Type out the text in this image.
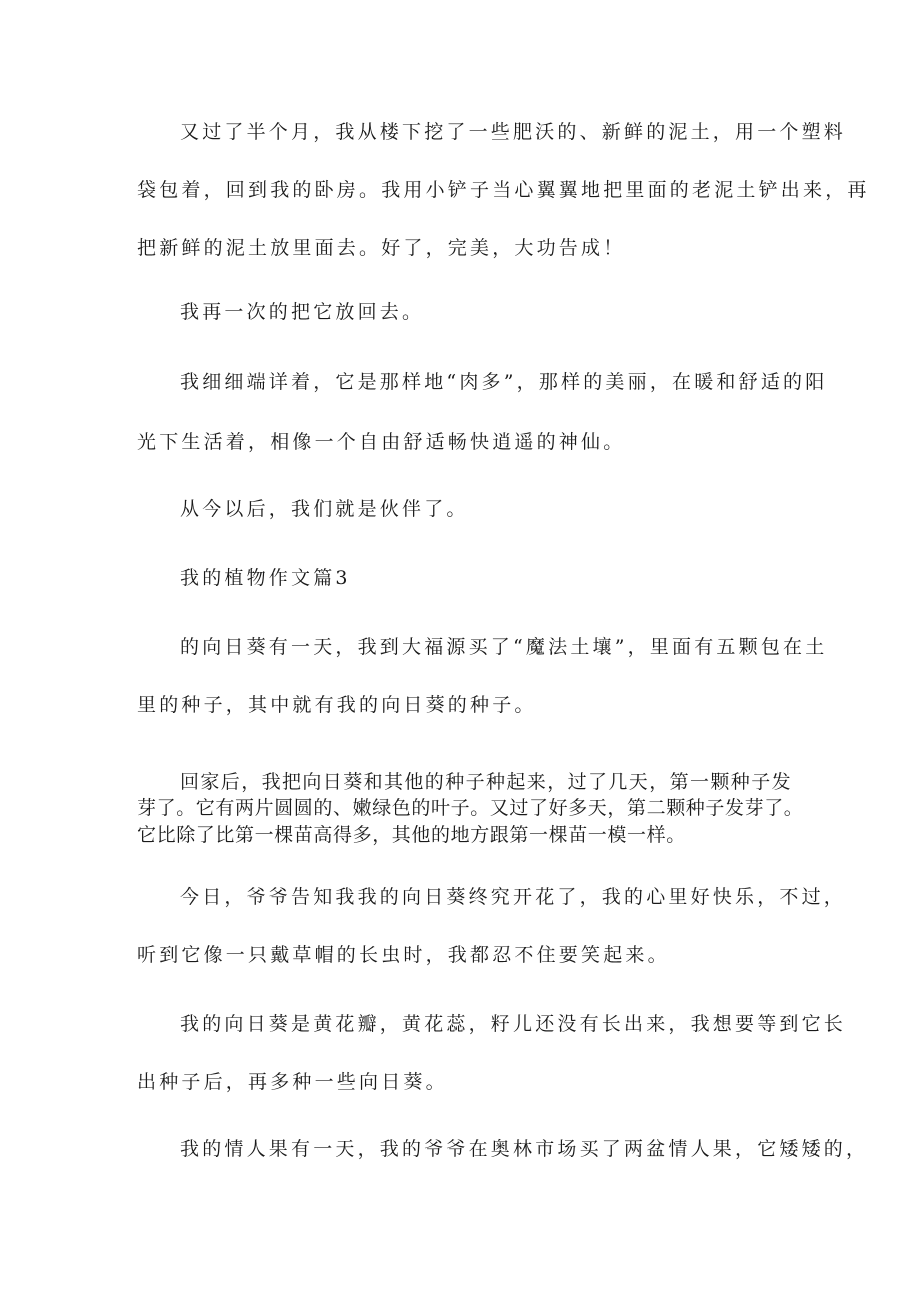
又过了半个月，我从楼下挖了一些肥沃的、新鲜的泥土，用一个塑料
袋包着，回到我的卧房。我用小铲子当心翼翼地把里面的老泥土铲出来，再
把新鲜的泥土放里面去。好了，完美，大功告成！
我再一次的把它放回去。
我细细端详着，它是那样地“肉多”，那样的美丽，在暖和舒适的阳
光下生活着，相像一个自由舒适畅快逍遥的神仙。
从今以后，我们就是伙伴了。
我的植物作文篇3
的向日葵有一天，我到大福源买了“魔法土壤”，里面有五颗包在土
里的种子，其中就有我的向日葵的种子。
回家后，我把向日葵和其他的种子种起来，过了几天，第一颗种子发
芽了。它有两片圆圆的、嫩绿色的叶子。又过了好多天，第二颗种子发芽了。
它比除了比第一棵苗高得多，其他的地方跟第一棵苗一模一样。
今日，爷爷告知我我的向日葵终究开花了，我的心里好快乐，不过，
听到它像一只戴草帽的长虫时，我都忍不住要笑起来。
我的向日葵是黄花瓣，黄花蕊，籽儿还没有长出来，我想要等到它长
出种子后，再多种一些向日葵。
我的情人果有一天，我的爷爷在奥林市场买了两盆情人果，它矮矮的，
